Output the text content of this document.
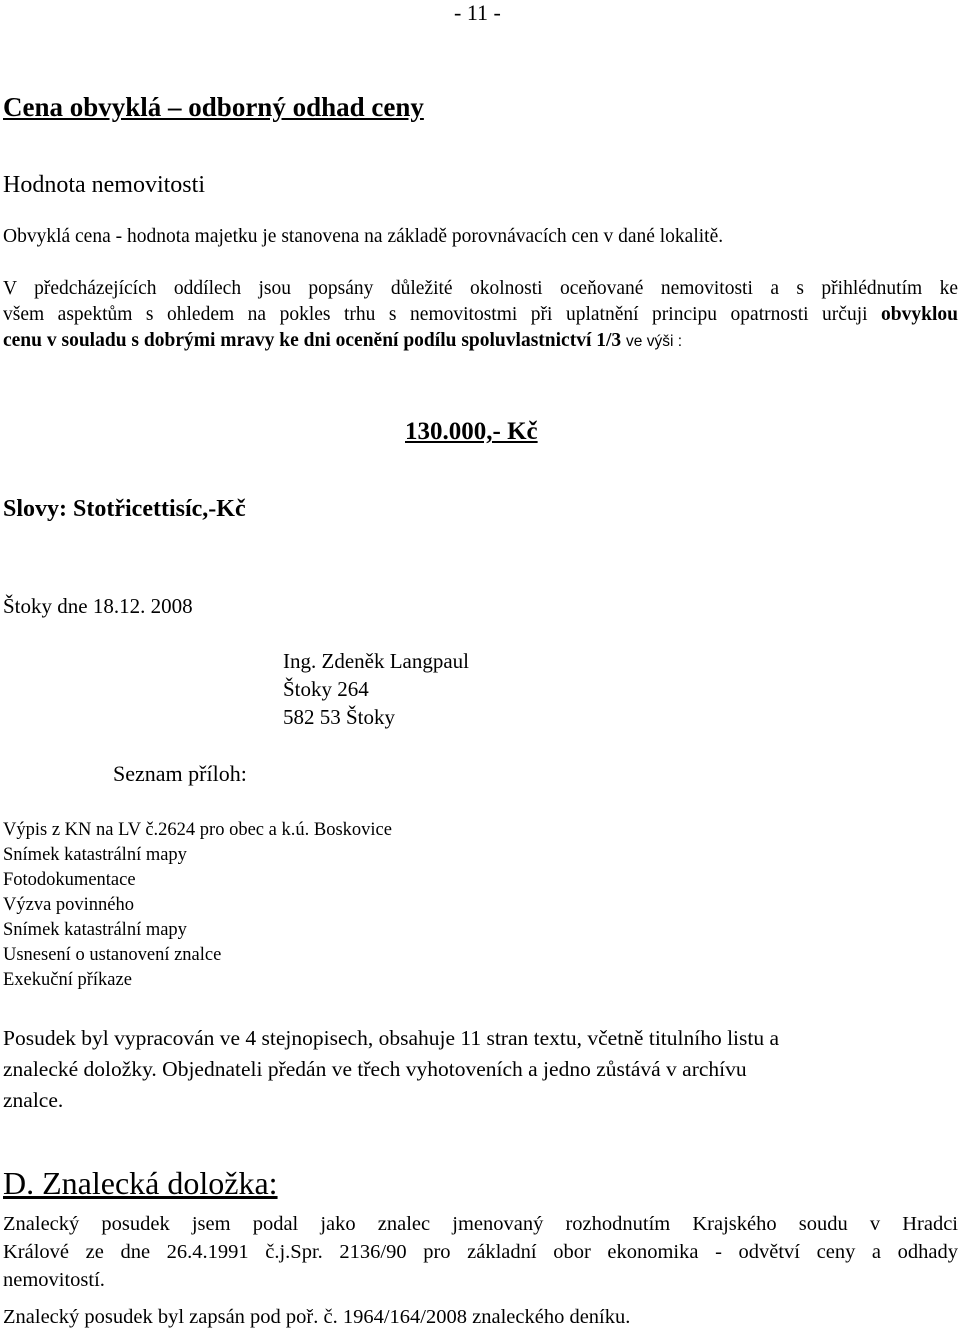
- 11 -
Cena obvyklá – odborný odhad ceny
Hodnota nemovitosti
Obvyklá cena - hodnota majetku je stanovena na základě porovnávacích cen v dané lokalitě.
V předcházejících oddílech jsou popsány důležité okolnosti oceňované nemovitosti a s přihlédnutím ke
všem aspektům s ohledem na pokles trhu s nemovitostmi při uplatnění principu opatrnosti určuji obvyklou
cenu v souladu s dobrými mravy ke dni ocenění podílu spoluvlastnictví 1/3 ve výši :
130.000,- Kč
Slovy: Stotřicettisíc,-Kč
Štoky dne 18.12. 2008
Ing. Zdeněk Langpaul
Štoky 264
582 53 Štoky
Seznam příloh:
Výpis z KN na LV č.2624 pro obec a k.ú. Boskovice
Snímek katastrální mapy
Fotodokumentace
Výzva povinného
Snímek katastrální mapy
Usnesení o ustanovení znalce
Exekuční příkaze
Posudek byl vypracován ve 4 stejnopisech, obsahuje 11 stran textu, včetně titulního listu a
znalecké doložky. Objednateli předán ve třech vyhotoveních a jedno zůstává v archívu
znalce.
D. Znalecká doložka:
Znalecký posudek jsem podal jako znalec jmenovaný rozhodnutím Krajského soudu v Hradci
Králové ze dne 26.4.1991 č.j.Spr. 2136/90 pro základní obor ekonomika - odvětví ceny a odhady
nemovitostí.
Znalecký posudek byl zapsán pod poř. č. 1964/164/2008 znaleckého deníku.
